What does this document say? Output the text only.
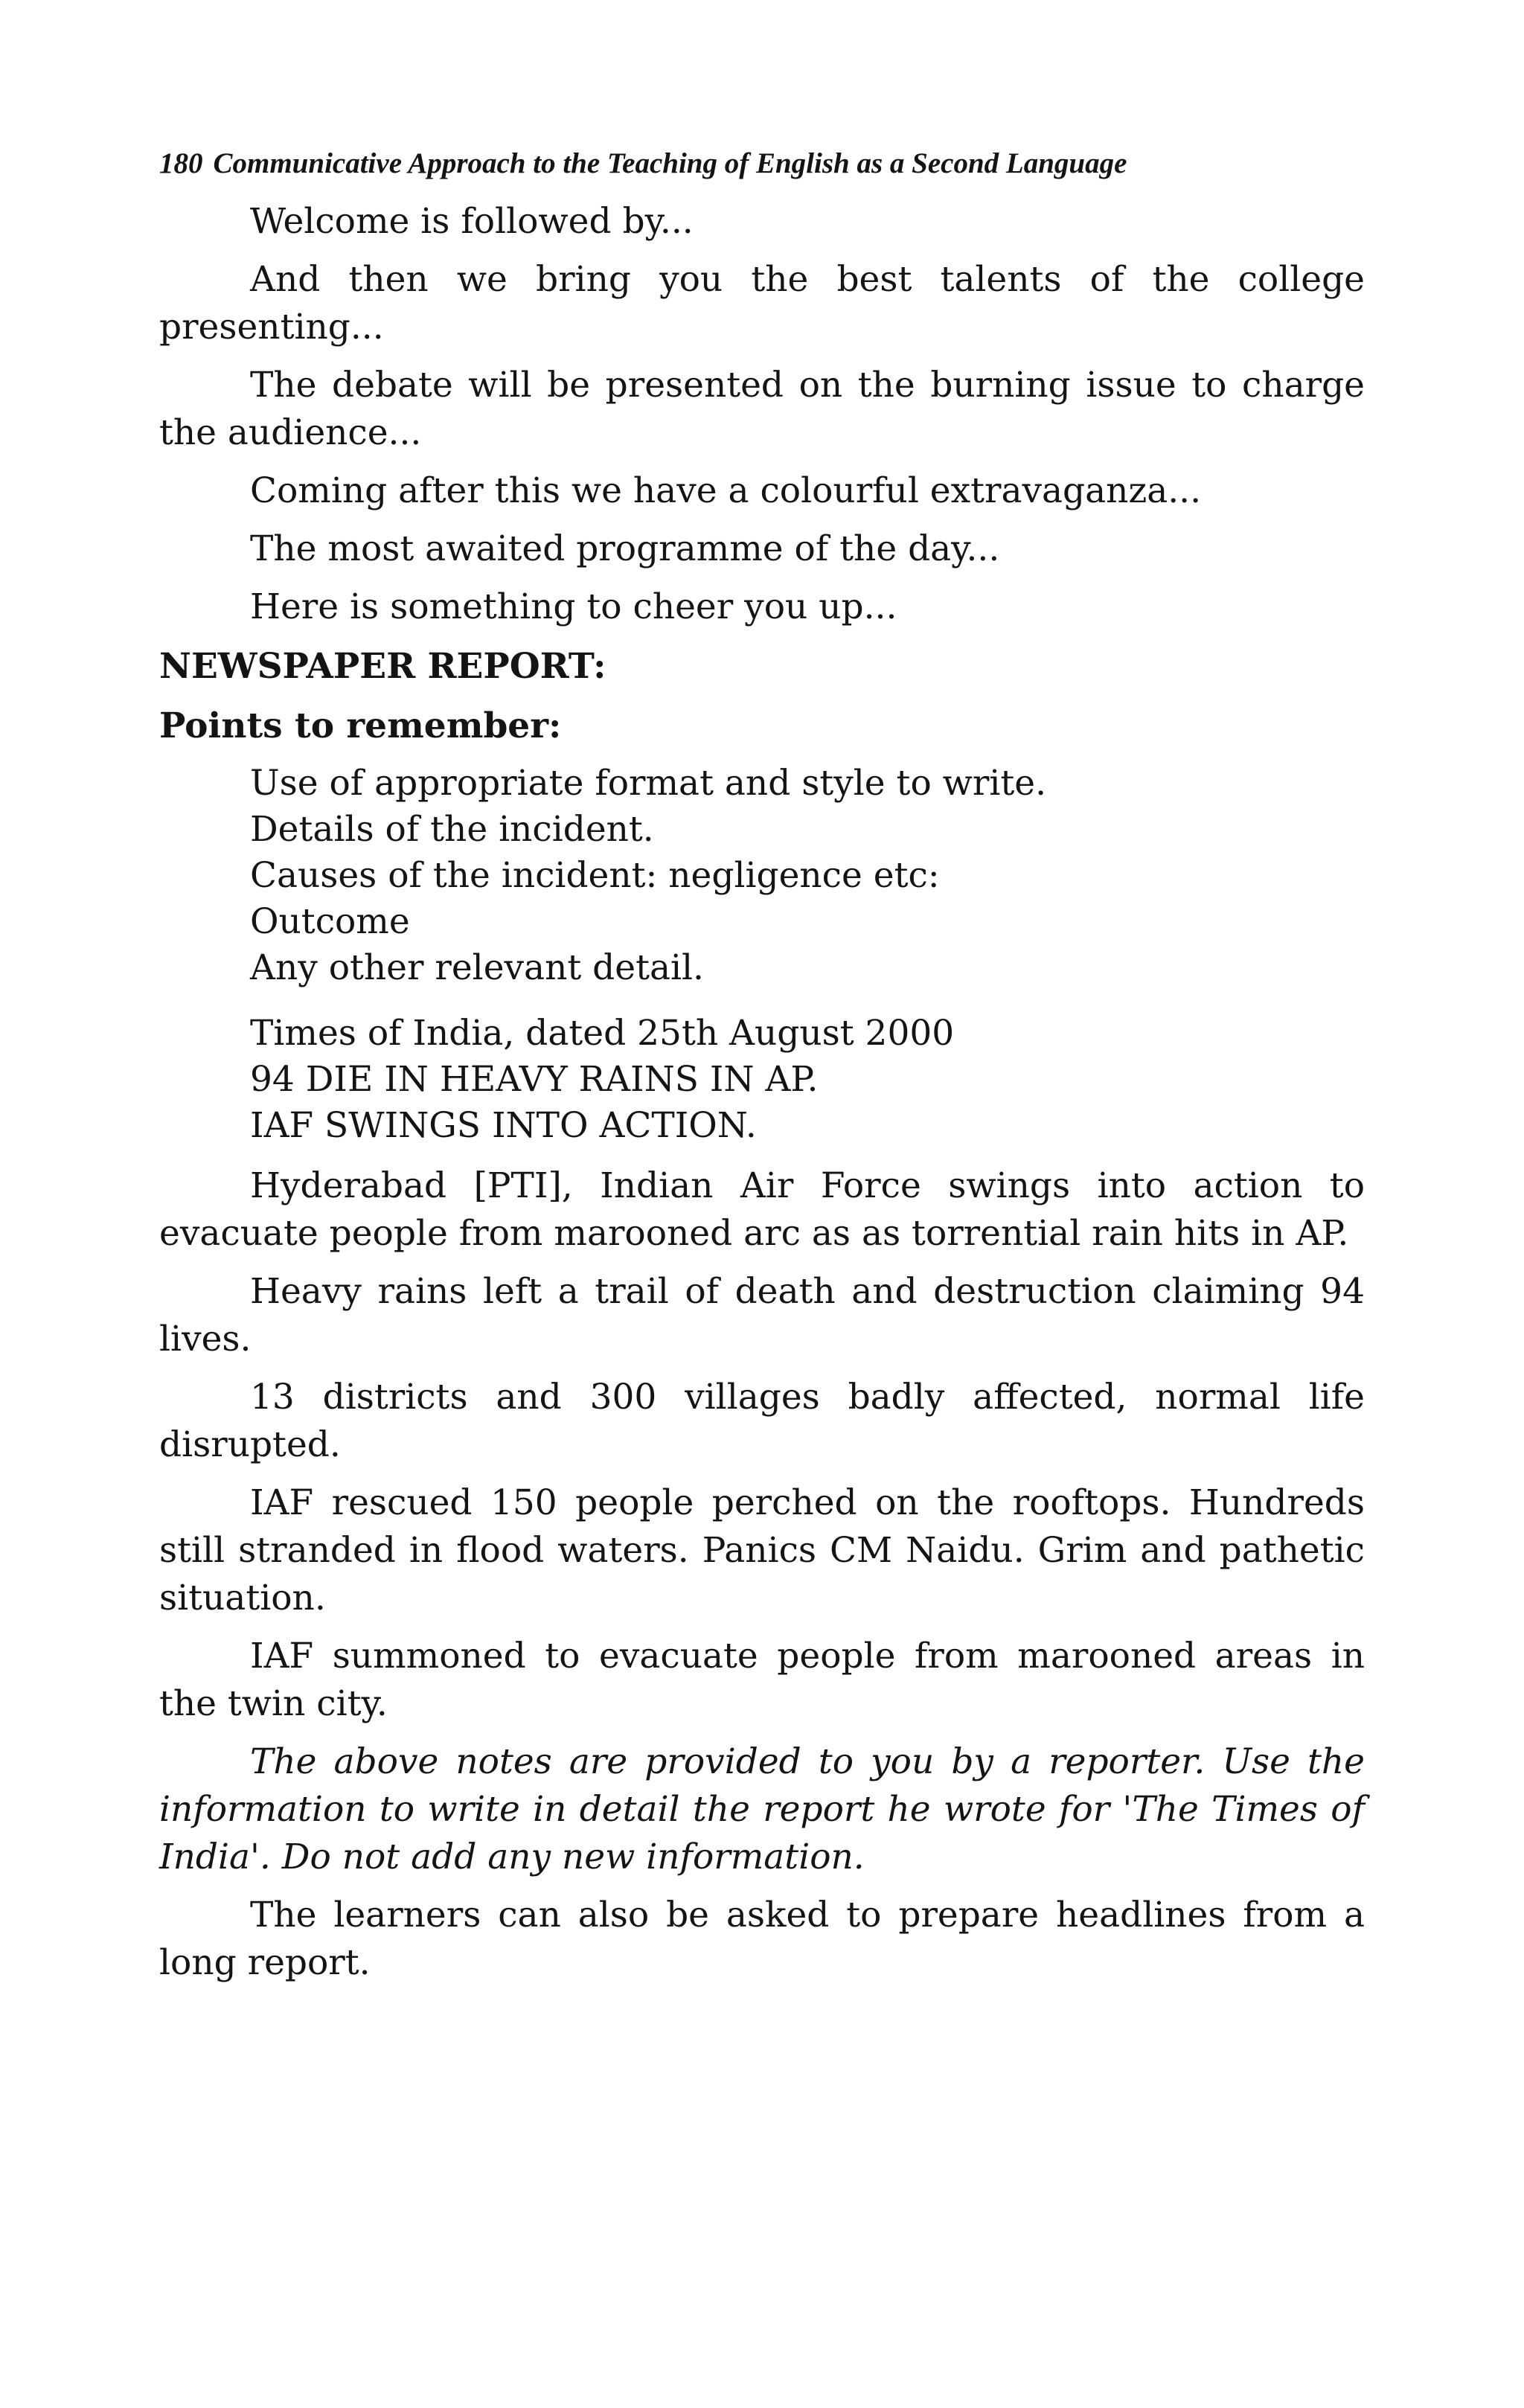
180 Communicative Approach to the Teaching of English as a Second Language

Welcome is followed by...

And then we bring you the best talents of the college presenting...

The debate will be presented on the burning issue to charge the audience...

Coming after this we have a colourful extravaganza...

The most awaited programme of the day...

Here is something to cheer you up...

NEWSPAPER REPORT:
Points to remember:
Use of appropriate format and style to write.
Details of the incident.
Causes of the incident: negligence etc:
Outcome
Any other relevant detail.
Times of India, dated 25th August 2000
94 DIE IN HEAVY RAINS IN AP.
IAF SWINGS INTO ACTION.

Hyderabad [PTI], Indian Air Force swings into action to evacuate people from marooned arc as as torrential rain hits in AP.

Heavy rains left a trail of death and destruction claiming 94 lives.

13 districts and 300 villages badly affected, normal life disrupted.

IAF rescued 150 people perched on the rooftops. Hundreds still stranded in flood waters. Panics CM Naidu. Grim and pathetic situation.

IAF summoned to evacuate people from marooned areas in the twin city.

The above notes are provided to you by a reporter. Use the information to write in detail the report he wrote for 'The Times of India'. Do not add any new information.

The learners can also be asked to prepare headlines from a long report.
